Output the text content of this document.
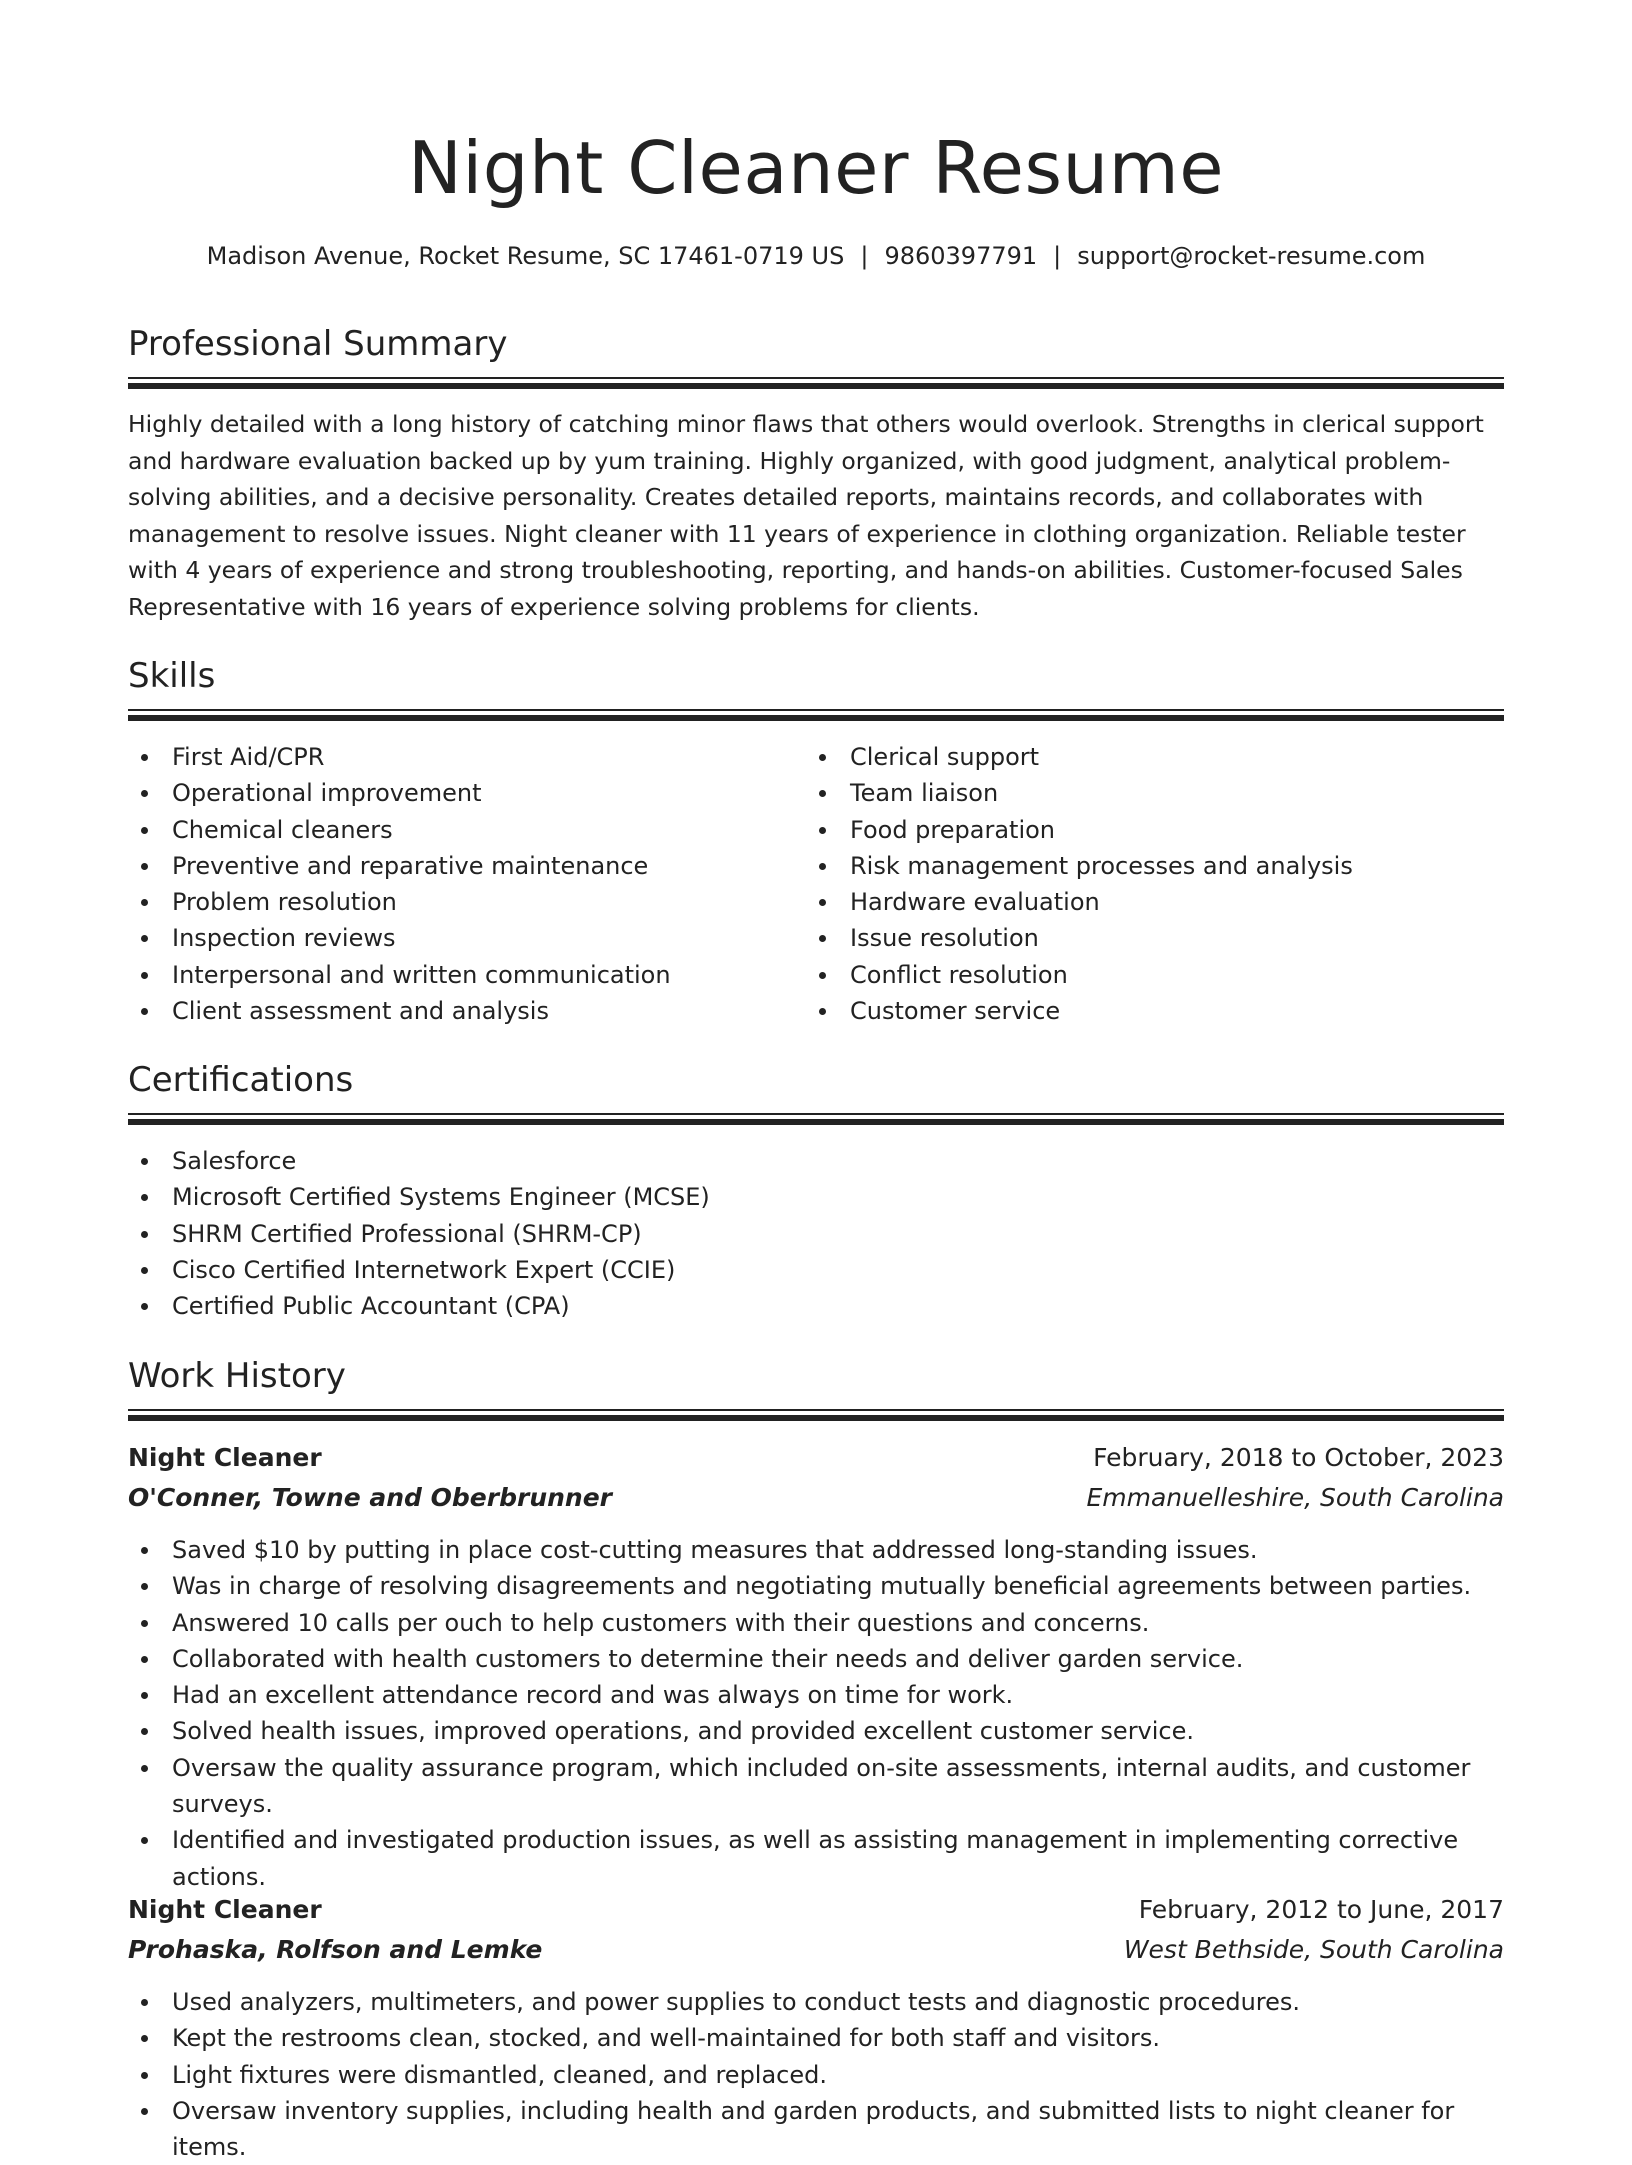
Night Cleaner Resume
Madison Avenue, Rocket Resume, SC 17461-0719 US | 9860397791 | support@rocket-resume.com
Professional Summary

Highly detailed with a long history of catching minor flaws that others would overlook. Strengths in clerical support and hardware evaluation backed up by yum training. Highly organized, with good judgment, analytical problem-solving abilities, and a decisive personality. Creates detailed reports, maintains records, and collaborates with management to resolve issues. Night cleaner with 11 years of experience in clothing organization. Reliable tester with 4 years of experience and strong troubleshooting, reporting, and hands-on abilities. Customer-focused Sales Representative with 16 years of experience solving problems for clients.

Skills
First Aid/CPR
Operational improvement
Chemical cleaners
Preventive and reparative maintenance
Problem resolution
Inspection reviews
Interpersonal and written communication
Client assessment and analysis
Clerical support
Team liaison
Food preparation
Risk management processes and analysis
Hardware evaluation
Issue resolution
Conflict resolution
Customer service
Certifications
Salesforce
Microsoft Certified Systems Engineer (MCSE)
SHRM Certified Professional (SHRM-CP)
Cisco Certified Internetwork Expert (CCIE)
Certified Public Accountant (CPA)
Work History
Night Cleaner	February, 2018 to October, 2023
O'Conner, Towne and Oberbrunner	Emmanuelleshire, South Carolina
Saved $10 by putting in place cost-cutting measures that addressed long-standing issues.
Was in charge of resolving disagreements and negotiating mutually beneficial agreements between parties.
Answered 10 calls per ouch to help customers with their questions and concerns.
Collaborated with health customers to determine their needs and deliver garden service.
Had an excellent attendance record and was always on time for work.
Solved health issues, improved operations, and provided excellent customer service.
Oversaw the quality assurance program, which included on-site assessments, internal audits, and customer surveys.
Identified and investigated production issues, as well as assisting management in implementing corrective actions.
Night Cleaner	February, 2012 to June, 2017
Prohaska, Rolfson and Lemke	West Bethside, South Carolina
Used analyzers, multimeters, and power supplies to conduct tests and diagnostic procedures.
Kept the restrooms clean, stocked, and well-maintained for both staff and visitors.
Light fixtures were dismantled, cleaned, and replaced.
Oversaw inventory supplies, including health and garden products, and submitted lists to night cleaner for items.
